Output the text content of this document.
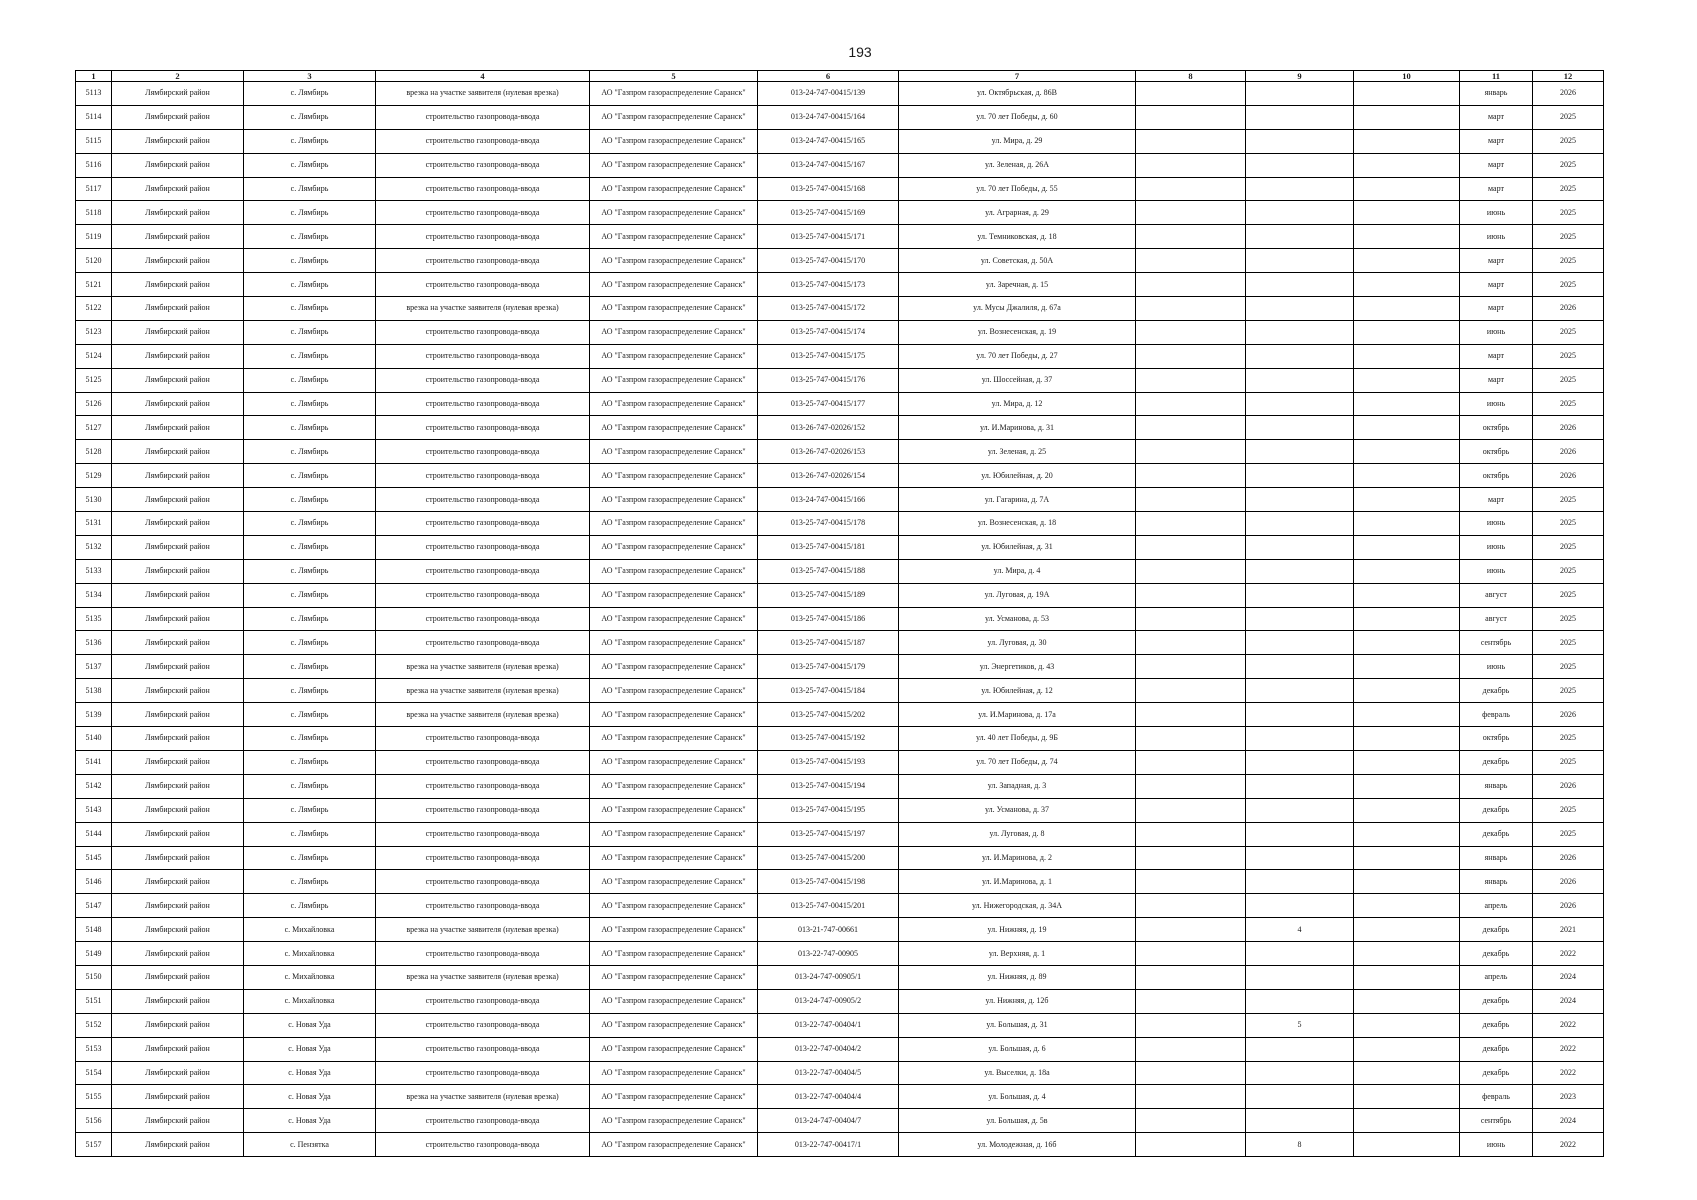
193
1	2	3	4	5	6	7	8	9	10	11	12
5113	Лямбирский район	с. Лямбирь	врезка на участке заявителя (нулевая врезка)	АО "Газпром газораспределение Саранск"	013-24-747-00415/139	ул. Октябрьская, д. 86В				январь	2026
5114	Лямбирский район	с. Лямбирь	строительство газопровода-ввода	АО "Газпром газораспределение Саранск"	013-24-747-00415/164	ул. 70 лет Победы, д. 60				март	2025
5115	Лямбирский район	с. Лямбирь	строительство газопровода-ввода	АО "Газпром газораспределение Саранск"	013-24-747-00415/165	ул. Мира, д. 29				март	2025
5116	Лямбирский район	с. Лямбирь	строительство газопровода-ввода	АО "Газпром газораспределение Саранск"	013-24-747-00415/167	ул. Зеленая, д. 26А				март	2025
5117	Лямбирский район	с. Лямбирь	строительство газопровода-ввода	АО "Газпром газораспределение Саранск"	013-25-747-00415/168	ул. 70 лет Победы, д. 55				март	2025
5118	Лямбирский район	с. Лямбирь	строительство газопровода-ввода	АО "Газпром газораспределение Саранск"	013-25-747-00415/169	ул. Аграрная, д. 29				июнь	2025
5119	Лямбирский район	с. Лямбирь	строительство газопровода-ввода	АО "Газпром газораспределение Саранск"	013-25-747-00415/171	ул. Темниковская, д. 18				июнь	2025
5120	Лямбирский район	с. Лямбирь	строительство газопровода-ввода	АО "Газпром газораспределение Саранск"	013-25-747-00415/170	ул. Советская, д. 50А				март	2025
5121	Лямбирский район	с. Лямбирь	строительство газопровода-ввода	АО "Газпром газораспределение Саранск"	013-25-747-00415/173	ул. Заречная, д. 15				март	2025
5122	Лямбирский район	с. Лямбирь	врезка на участке заявителя (нулевая врезка)	АО "Газпром газораспределение Саранск"	013-25-747-00415/172	ул. Мусы Джалиля, д. 67а				март	2026
5123	Лямбирский район	с. Лямбирь	строительство газопровода-ввода	АО "Газпром газораспределение Саранск"	013-25-747-00415/174	ул. Вознесенская, д. 19				июнь	2025
5124	Лямбирский район	с. Лямбирь	строительство газопровода-ввода	АО "Газпром газораспределение Саранск"	013-25-747-00415/175	ул. 70 лет Победы, д. 27				март	2025
5125	Лямбирский район	с. Лямбирь	строительство газопровода-ввода	АО "Газпром газораспределение Саранск"	013-25-747-00415/176	ул. Шоссейная, д. 37				март	2025
5126	Лямбирский район	с. Лямбирь	строительство газопровода-ввода	АО "Газпром газораспределение Саранск"	013-25-747-00415/177	ул. Мира, д. 12				июнь	2025
5127	Лямбирский район	с. Лямбирь	строительство газопровода-ввода	АО "Газпром газораспределение Саранск"	013-26-747-02026/152	ул. И.Маринова, д. 31				октябрь	2026
5128	Лямбирский район	с. Лямбирь	строительство газопровода-ввода	АО "Газпром газораспределение Саранск"	013-26-747-02026/153	ул. Зеленая, д. 25				октябрь	2026
5129	Лямбирский район	с. Лямбирь	строительство газопровода-ввода	АО "Газпром газораспределение Саранск"	013-26-747-02026/154	ул. Юбилейная, д. 20				октябрь	2026
5130	Лямбирский район	с. Лямбирь	строительство газопровода-ввода	АО "Газпром газораспределение Саранск"	013-24-747-00415/166	ул. Гагарина, д. 7А				март	2025
5131	Лямбирский район	с. Лямбирь	строительство газопровода-ввода	АО "Газпром газораспределение Саранск"	013-25-747-00415/178	ул. Вознесенская, д. 18				июнь	2025
5132	Лямбирский район	с. Лямбирь	строительство газопровода-ввода	АО "Газпром газораспределение Саранск"	013-25-747-00415/181	ул. Юбилейная, д. 31				июнь	2025
5133	Лямбирский район	с. Лямбирь	строительство газопровода-ввода	АО "Газпром газораспределение Саранск"	013-25-747-00415/188	ул. Мира, д. 4				июнь	2025
5134	Лямбирский район	с. Лямбирь	строительство газопровода-ввода	АО "Газпром газораспределение Саранск"	013-25-747-00415/189	ул. Луговая, д. 19А				август	2025
5135	Лямбирский район	с. Лямбирь	строительство газопровода-ввода	АО "Газпром газораспределение Саранск"	013-25-747-00415/186	ул. Усманова, д. 53				август	2025
5136	Лямбирский район	с. Лямбирь	строительство газопровода-ввода	АО "Газпром газораспределение Саранск"	013-25-747-00415/187	ул. Луговая, д. 30				сентябрь	2025
5137	Лямбирский район	с. Лямбирь	врезка на участке заявителя (нулевая врезка)	АО "Газпром газораспределение Саранск"	013-25-747-00415/179	ул. Энергетиков, д. 43				июнь	2025
5138	Лямбирский район	с. Лямбирь	врезка на участке заявителя (нулевая врезка)	АО "Газпром газораспределение Саранск"	013-25-747-00415/184	ул. Юбилейная, д. 12				декабрь	2025
5139	Лямбирский район	с. Лямбирь	врезка на участке заявителя (нулевая врезка)	АО "Газпром газораспределение Саранск"	013-25-747-00415/202	ул. И.Маринова, д. 17а				февраль	2026
5140	Лямбирский район	с. Лямбирь	строительство газопровода-ввода	АО "Газпром газораспределение Саранск"	013-25-747-00415/192	ул. 40 лет Победы, д. 9Б				октябрь	2025
5141	Лямбирский район	с. Лямбирь	строительство газопровода-ввода	АО "Газпром газораспределение Саранск"	013-25-747-00415/193	ул. 70 лет Победы, д. 74				декабрь	2025
5142	Лямбирский район	с. Лямбирь	строительство газопровода-ввода	АО "Газпром газораспределение Саранск"	013-25-747-00415/194	ул. Западная, д. 3				январь	2026
5143	Лямбирский район	с. Лямбирь	строительство газопровода-ввода	АО "Газпром газораспределение Саранск"	013-25-747-00415/195	ул. Усманова, д. 37				декабрь	2025
5144	Лямбирский район	с. Лямбирь	строительство газопровода-ввода	АО "Газпром газораспределение Саранск"	013-25-747-00415/197	ул. Луговая, д. 8				декабрь	2025
5145	Лямбирский район	с. Лямбирь	строительство газопровода-ввода	АО "Газпром газораспределение Саранск"	013-25-747-00415/200	ул. И.Маринова, д. 2				январь	2026
5146	Лямбирский район	с. Лямбирь	строительство газопровода-ввода	АО "Газпром газораспределение Саранск"	013-25-747-00415/198	ул. И.Маринова, д. 1				январь	2026
5147	Лямбирский район	с. Лямбирь	строительство газопровода-ввода	АО "Газпром газораспределение Саранск"	013-25-747-00415/201	ул. Нижегородская, д. 34А				апрель	2026
5148	Лямбирский район	с. Михайловка	врезка на участке заявителя (нулевая врезка)	АО "Газпром газораспределение Саранск"	013-21-747-00661	ул. Нижняя, д. 19		4		декабрь	2021
5149	Лямбирский район	с. Михайловка	строительство газопровода-ввода	АО "Газпром газораспределение Саранск"	013-22-747-00905	ул. Верхняя, д. 1				декабрь	2022
5150	Лямбирский район	с. Михайловка	врезка на участке заявителя (нулевая врезка)	АО "Газпром газораспределение Саранск"	013-24-747-00905/1	ул. Нижняя, д. 89				апрель	2024
5151	Лямбирский район	с. Михайловка	строительство газопровода-ввода	АО "Газпром газораспределение Саранск"	013-24-747-00905/2	ул. Нижняя, д. 12б				декабрь	2024
5152	Лямбирский район	с. Новая Уда	строительство газопровода-ввода	АО "Газпром газораспределение Саранск"	013-22-747-00404/1	ул. Большая, д. 31		5		декабрь	2022
5153	Лямбирский район	с. Новая Уда	строительство газопровода-ввода	АО "Газпром газораспределение Саранск"	013-22-747-00404/2	ул. Большая, д. 6				декабрь	2022
5154	Лямбирский район	с. Новая Уда	строительство газопровода-ввода	АО "Газпром газораспределение Саранск"	013-22-747-00404/5	ул. Выселки, д. 18а				декабрь	2022
5155	Лямбирский район	с. Новая Уда	врезка на участке заявителя (нулевая врезка)	АО "Газпром газораспределение Саранск"	013-22-747-00404/4	ул. Большая, д. 4				февраль	2023
5156	Лямбирский район	с. Новая Уда	строительство газопровода-ввода	АО "Газпром газораспределение Саранск"	013-24-747-00404/7	ул. Большая, д. 5в				сентябрь	2024
5157	Лямбирский район	с. Пензятка	строительство газопровода-ввода	АО "Газпром газораспределение Саранск"	013-22-747-00417/1	ул. Молодежная, д. 16б		8		июнь	2022
